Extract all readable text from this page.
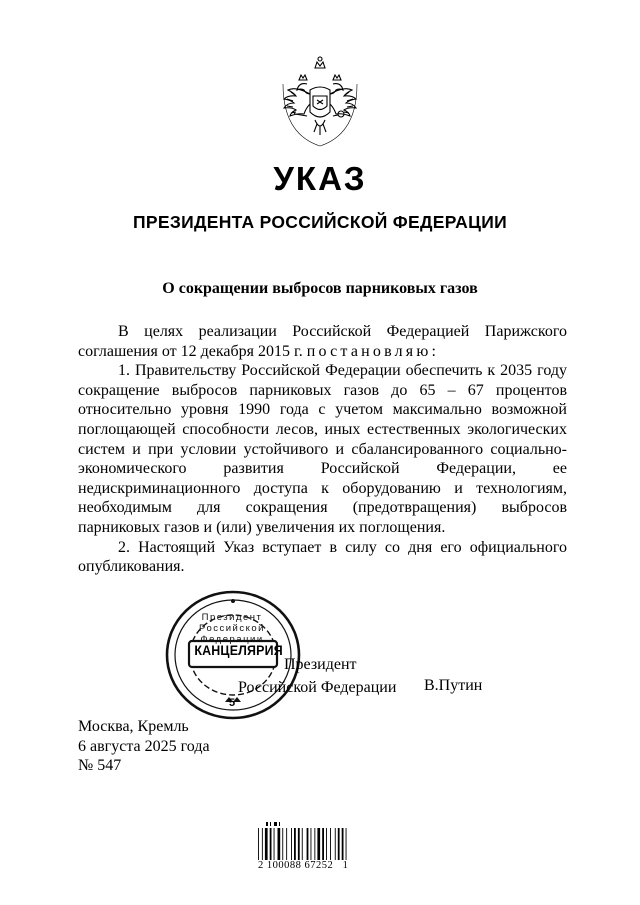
УКАЗ
ПРЕЗИДЕНТА РОССИЙСКОЙ ФЕДЕРАЦИИ
О сокращении выбросов парниковых газов

В целях реализации Российской Федерацией Парижского соглашения от 12 декабря 2015 г. постановляю:

1. Правительству Российской Федерации обеспечить к 2035 году сокращение выбросов парниковых газов до 65 – 67 процентов относительно уровня 1990 года с учетом максимально возможной поглощающей способности лесов, иных естественных экологических систем и при условии устойчивого и сбалансированного социально-экономического развития Российской Федерации, ее недискриминационного доступа к оборудованию и технологиям, необходимым для сокращения (предотвращения) выбросов парниковых газов и (или) увеличения их поглощения.

2. Настоящий Указ вступает в силу со дня его официального опубликования.

КАНЦЕЛЯРИЯ
Президент Российской Федерации
5
Президент
Российской Федерации В.Путин
Москва, Кремль
6 августа 2025 года
№ 547
2 100088 67252   1
